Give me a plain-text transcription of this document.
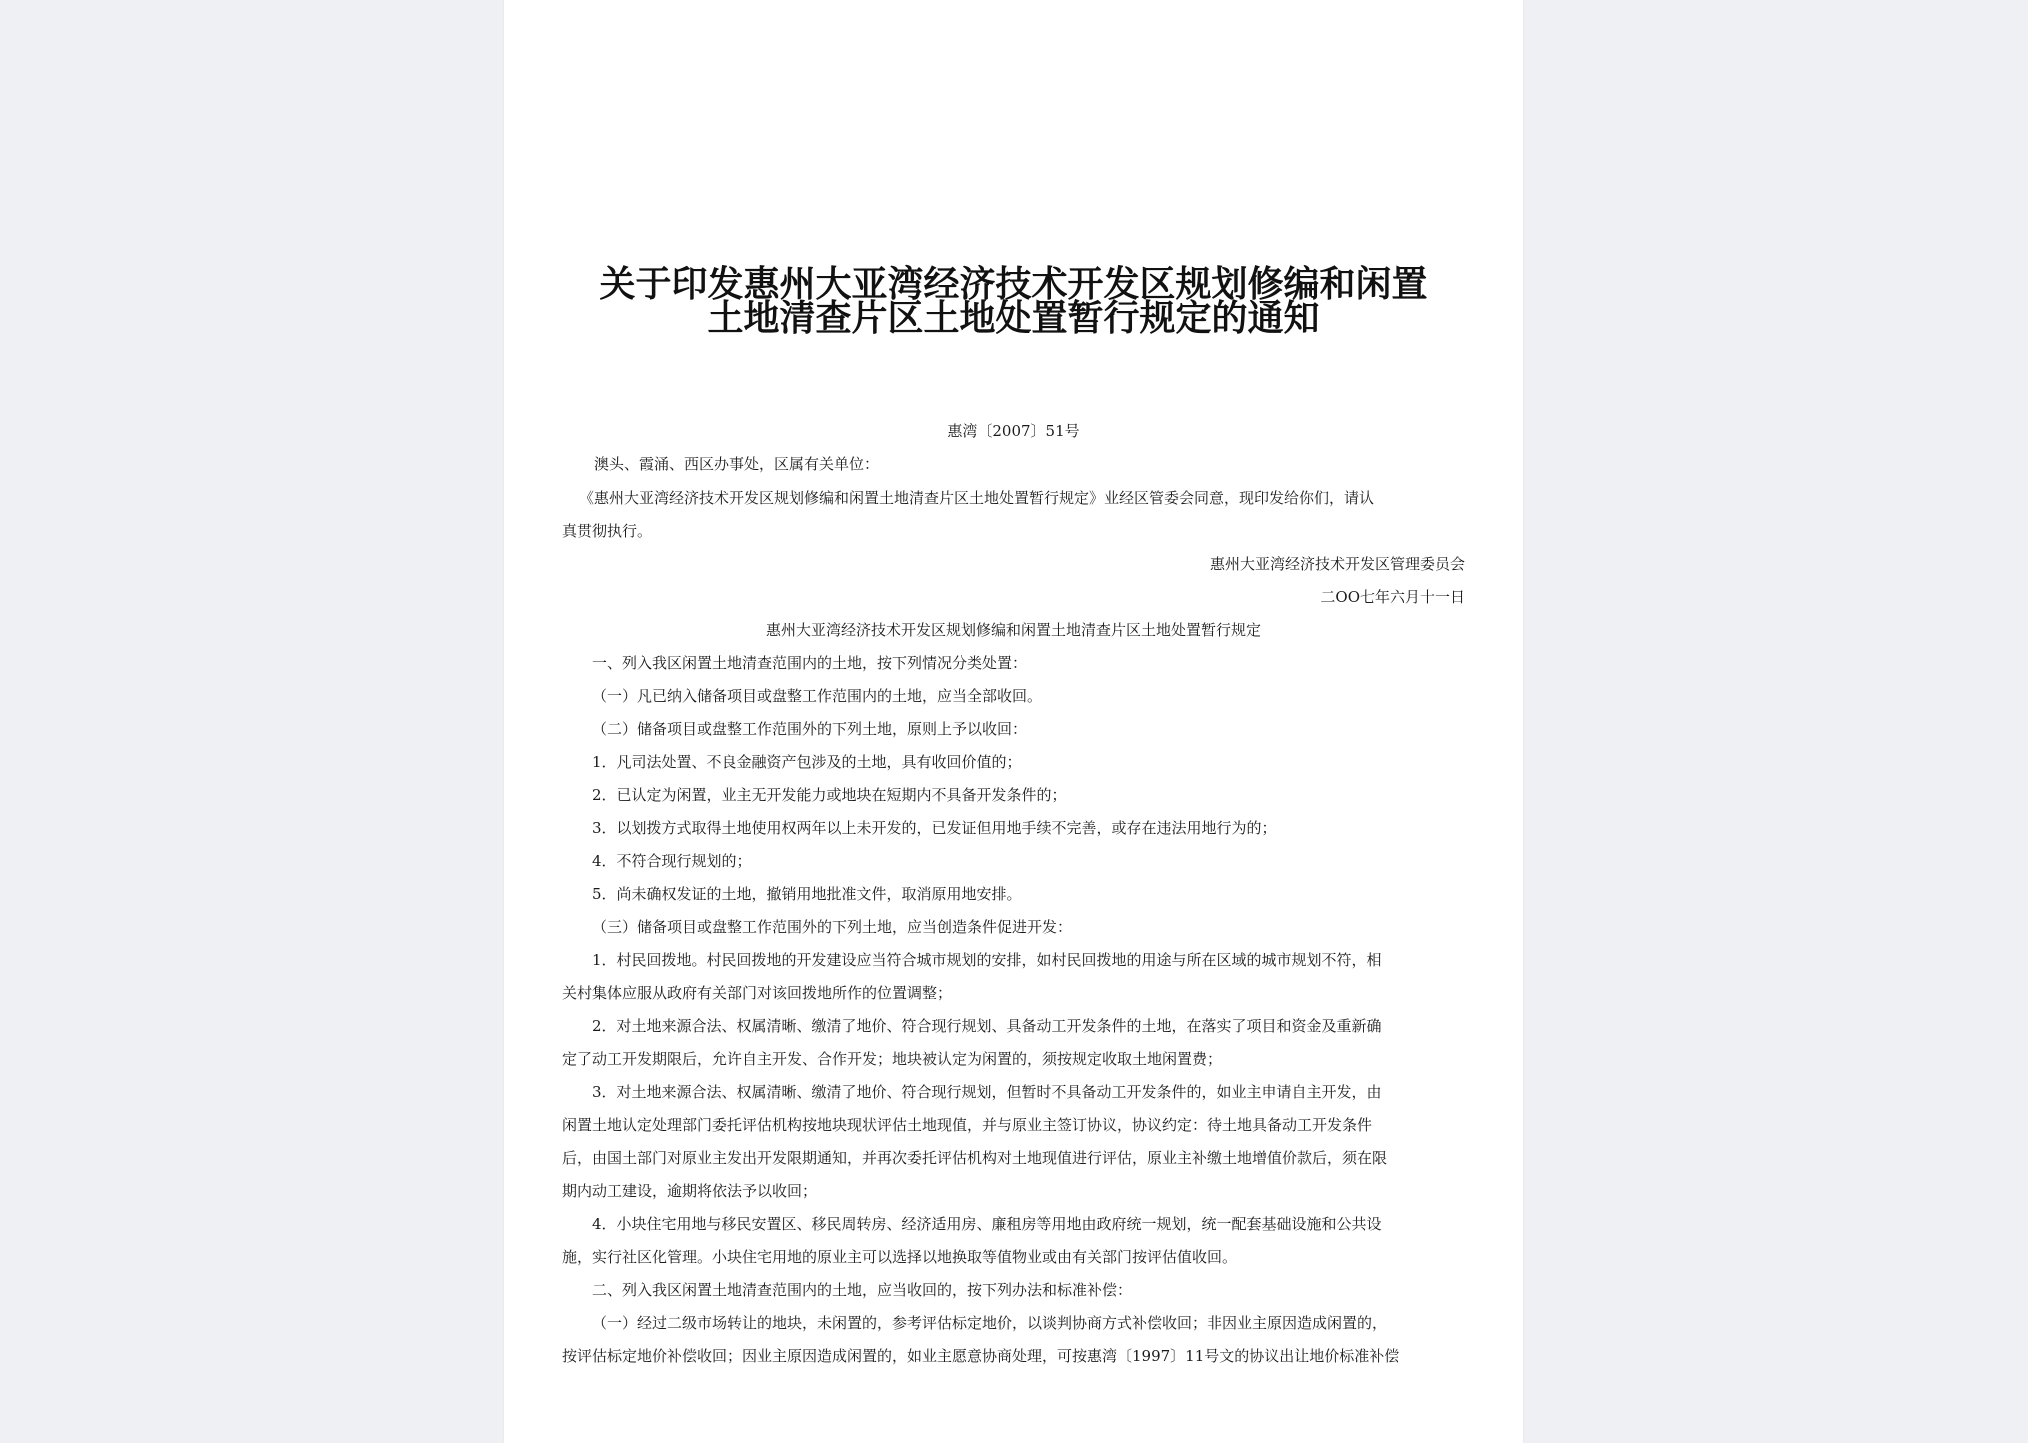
关于印发惠州大亚湾经济技术开发区规划修编和闲置
土地清查片区土地处置暂行规定的通知
惠湾〔2007〕51号
澳头、霞涌、西区办事处，区属有关单位：
《惠州大亚湾经济技术开发区规划修编和闲置土地清查片区土地处置暂行规定》业经区管委会同意，现印发给你们，请认
真贯彻执行。
惠州大亚湾经济技术开发区管理委员会
二OO七年六月十一日
惠州大亚湾经济技术开发区规划修编和闲置土地清查片区土地处置暂行规定
一、列入我区闲置土地清查范围内的土地，按下列情况分类处置：
（一）凡已纳入储备项目或盘整工作范围内的土地，应当全部收回。
（二）储备项目或盘整工作范围外的下列土地，原则上予以收回：
1．凡司法处置、不良金融资产包涉及的土地，具有收回价值的；
2．已认定为闲置，业主无开发能力或地块在短期内不具备开发条件的；
3．以划拨方式取得土地使用权两年以上未开发的，已发证但用地手续不完善，或存在违法用地行为的；
4．不符合现行规划的；
5．尚未确权发证的土地，撤销用地批准文件，取消原用地安排。
（三）储备项目或盘整工作范围外的下列土地，应当创造条件促进开发：
1．村民回拨地。村民回拨地的开发建设应当符合城市规划的安排，如村民回拨地的用途与所在区域的城市规划不符，相
关村集体应服从政府有关部门对该回拨地所作的位置调整；
2．对土地来源合法、权属清晰、缴清了地价、符合现行规划、具备动工开发条件的土地，在落实了项目和资金及重新确
定了动工开发期限后，允许自主开发、合作开发；地块被认定为闲置的，须按规定收取土地闲置费；
3．对土地来源合法、权属清晰、缴清了地价、符合现行规划，但暂时不具备动工开发条件的，如业主申请自主开发，由
闲置土地认定处理部门委托评估机构按地块现状评估土地现值，并与原业主签订协议，协议约定：待土地具备动工开发条件
后，由国土部门对原业主发出开发限期通知，并再次委托评估机构对土地现值进行评估，原业主补缴土地增值价款后，须在限
期内动工建设，逾期将依法予以收回；
4．小块住宅用地与移民安置区、移民周转房、经济适用房、廉租房等用地由政府统一规划，统一配套基础设施和公共设
施，实行社区化管理。小块住宅用地的原业主可以选择以地换取等值物业或由有关部门按评估值收回。
二、列入我区闲置土地清查范围内的土地，应当收回的，按下列办法和标准补偿：
（一）经过二级市场转让的地块，未闲置的，参考评估标定地价，以谈判协商方式补偿收回；非因业主原因造成闲置的，
按评估标定地价补偿收回；因业主原因造成闲置的，如业主愿意协商处理，可按惠湾〔1997〕11号文的协议出让地价标准补偿
